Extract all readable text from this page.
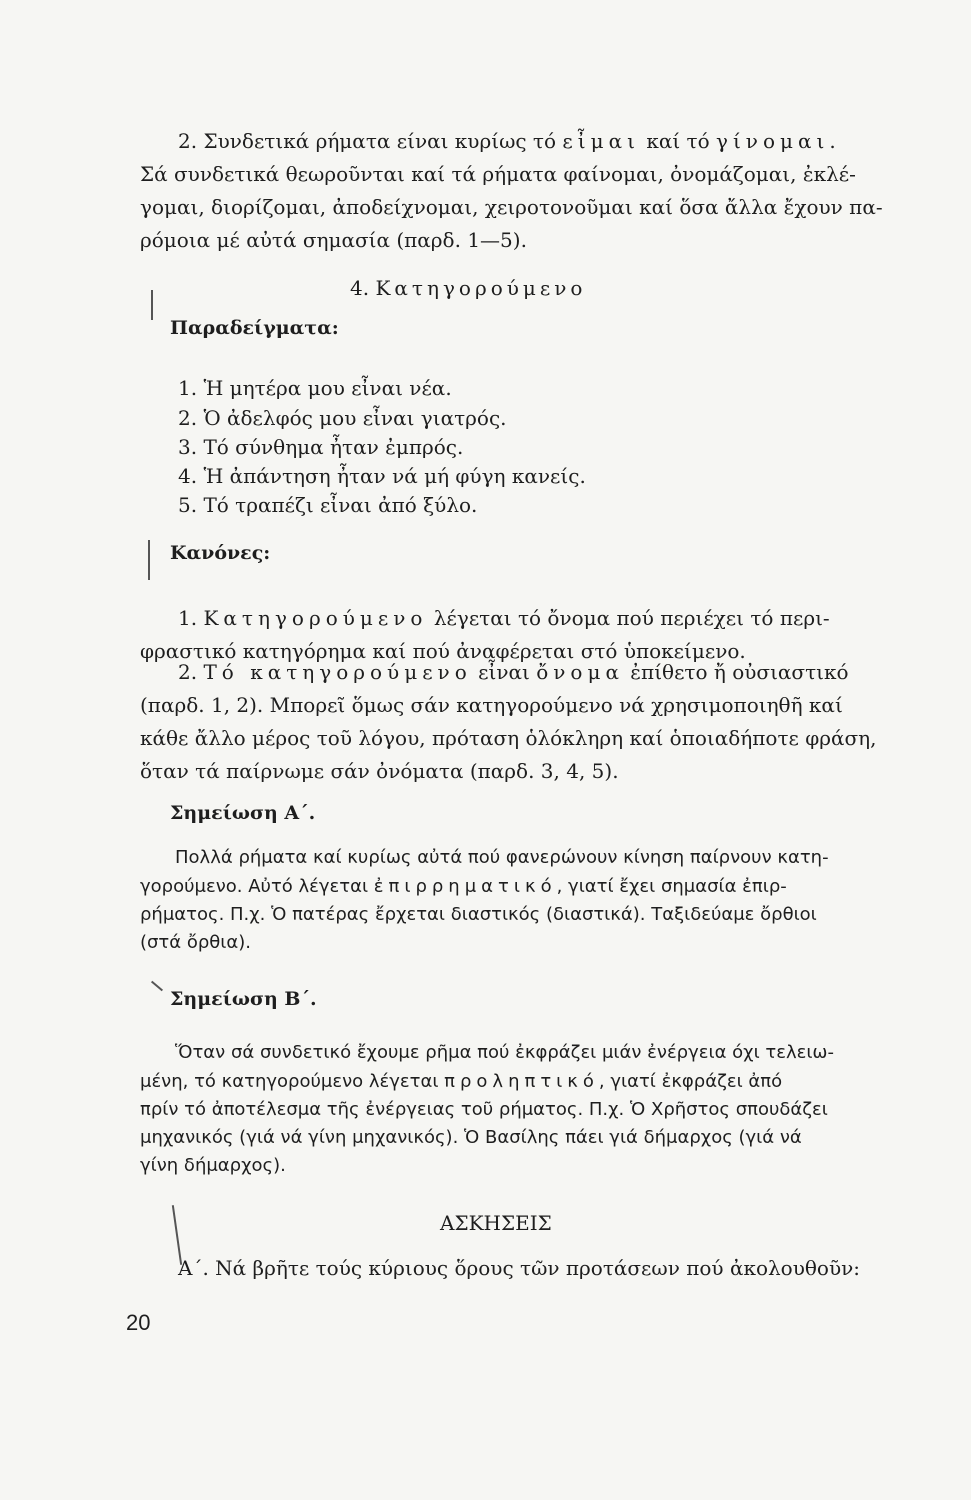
2. Συνδετικά ρήματα είναι κυρίως τό εἶμαι καί τό γίνομαι.
Σά συνδετικά θεωροῦνται καί τά ρήματα φαίνομαι, ὀνομάζομαι, ἐκλέ-
γομαι, διορίζομαι, ἀποδείχνομαι, χειροτονοῦμαι καί ὅσα ἄλλα ἔχουν πα-
ρόμοια μέ αὐτά σημασία (παρδ. 1—5).
4. Κατηγορούμενο
Παραδείγματα:
1. Ἡ μητέρα μου εἶναι νέα.
2. Ὁ ἀδελφός μου εἶναι γιατρός.
3. Τό σύνθημα ἦταν ἐμπρός.
4. Ἡ ἀπάντηση ἦταν νά μή φύγη κανείς.
5. Τό τραπέζι εἶναι ἀπό ξύλο.
Κανόνες:
1. Κατηγορούμενο λέγεται τό ὄνομα πού περιέχει τό περι-
φραστικό κατηγόρημα καί πού ἀναφέρεται στό ὑποκείμενο.
2. Τό κατηγορούμενο εἶναι ὄνομα ἐπίθετο ἤ οὐσιαστικό
(παρδ. 1, 2). Μπορεῖ ὅμως σάν κατηγορούμενο νά χρησιμοποιηθῆ καί
κάθε ἄλλο μέρος τοῦ λόγου, πρόταση ὁλόκληρη καί ὁποιαδήποτε φράση,
ὅταν τά παίρνωμε σάν ὀνόματα (παρδ. 3, 4, 5).
Σημείωση Α΄.
Πολλά ρήματα καί κυρίως αὐτά πού φανερώνουν κίνηση παίρνουν κατη-
γορούμενο. Αὐτό λέγεται ἐπιρρηματικό, γιατί ἔχει σημασία ἐπιρ-
ρήματος. Π.χ. Ὁ πατέρας ἔρχεται διαστικός (διαστικά). Ταξιδεύαμε ὄρθιοι
(στά ὄρθια).
Σημείωση Β΄.
Ὅταν σά συνδετικό ἔχουμε ρῆμα πού ἐκφράζει μιάν ἐνέργεια όχι τελειω-
μένη, τό κατηγορούμενο λέγεται προληπτικό, γιατί ἐκφράζει ἀπό
πρίν τό ἀποτέλεσμα τῆς ἐνέργειας τοῦ ρήματος. Π.χ. Ὁ Χρῆστος σπουδάζει
μηχανικός (γιά νά γίνη μηχανικός). Ὁ Βασίλης πάει γιά δήμαρχος (γιά νά
γίνη δήμαρχος).
ΑΣΚΗΣΕΙΣ
Α΄. Νά βρῆτε τούς κύριους ὅρους τῶν προτάσεων πού ἀκολουθοῦν:
20
